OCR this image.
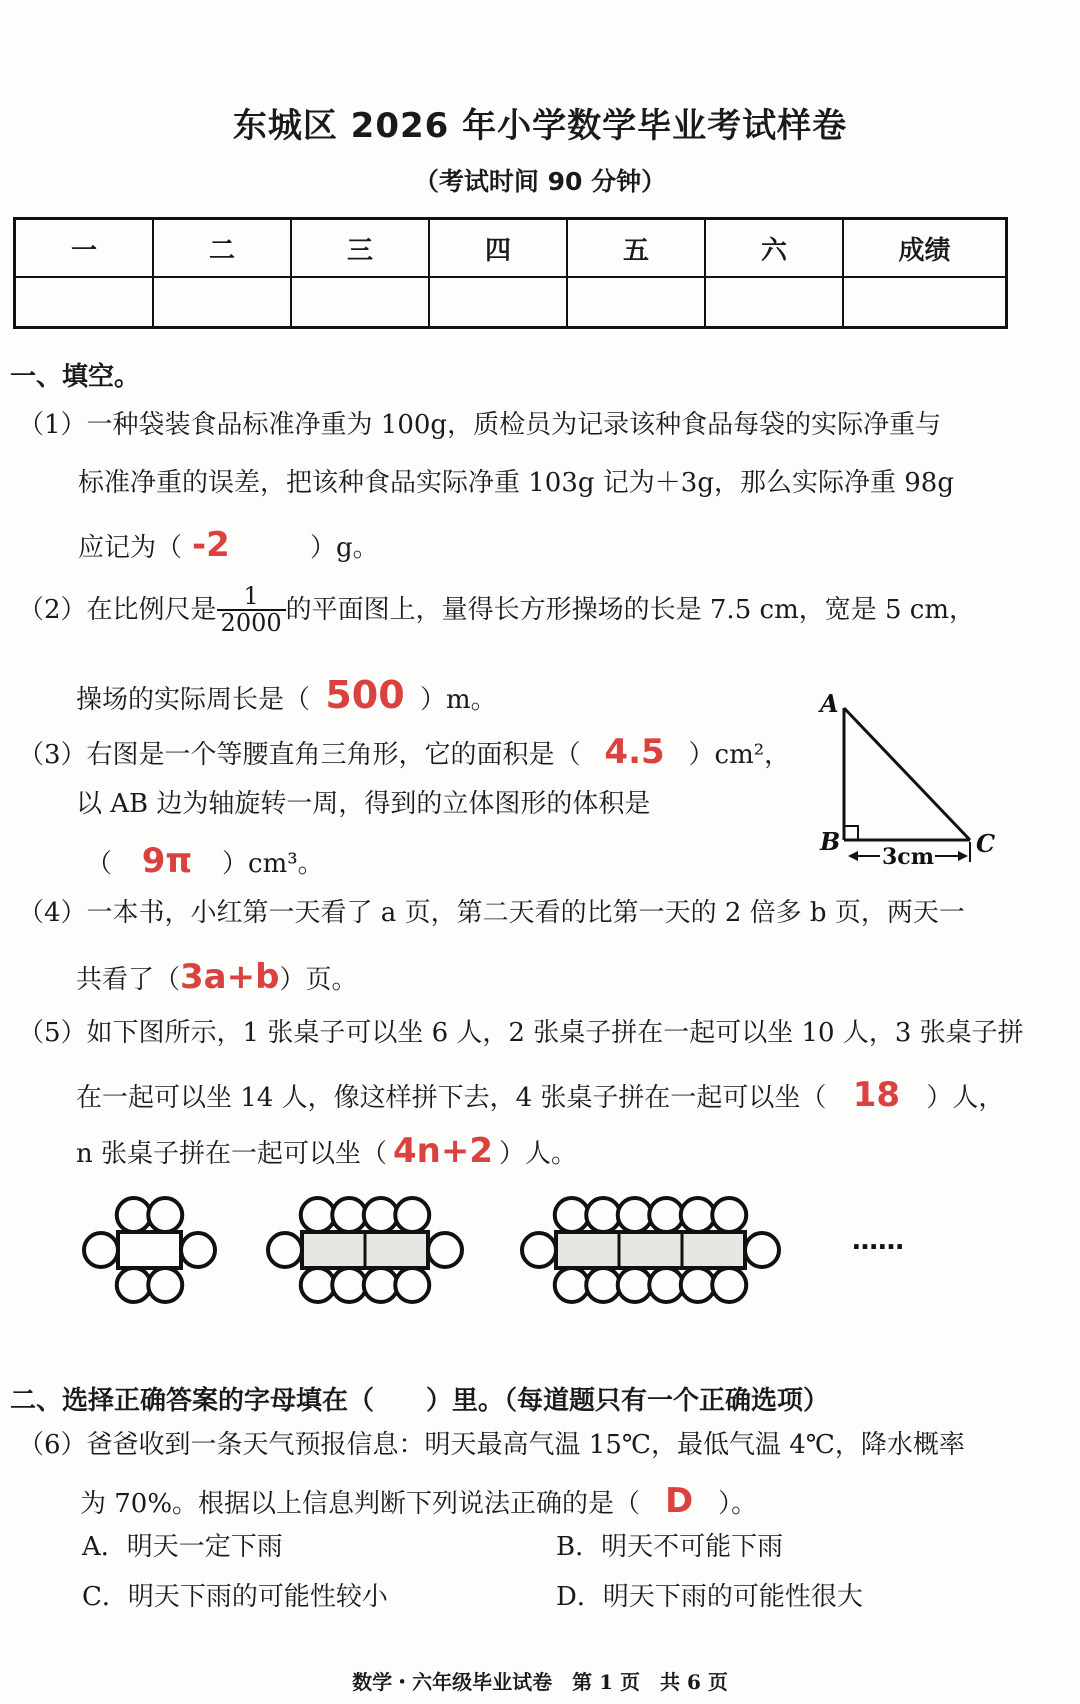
东城区 2026 年小学数学毕业考试样卷
（考试时间 90 分钟）
一	二	三	四	五	六	成绩

一、填空。
（1）一种袋装食品标准净重为 100g，质检员为记录该种食品每袋的实际净重与
标准净重的误差，把该种食品实际净重 103g 记为＋3g，那么实际净重 98g
应记为（ -2	）g。
（2）在比例尺是 $\frac{1}{2000}$ 的平面图上，量得长方形操场的长是 7.5 cm，宽是 5 cm，
操场的实际周长是（ 500 ）m。
（3）右图是一个等腰直角三角形，它的面积是（ 4.5 ）cm²，
以 AB 边为轴旋转一周，得到的立体图形的体积是
（ 9π ）cm³。
A
B	C
3cm
（4）一本书，小红第一天看了 a 页，第二天看的比第一天的 2 倍多 b 页，两天一
共看了（3a+b）页。
（5）如下图所示，1 张桌子可以坐 6 人，2 张桌子拼在一起可以坐 10 人，3 张桌子拼
在一起可以坐 14 人，像这样拼下去，4 张桌子拼在一起可以坐（ 18 ）人，
n 张桌子拼在一起可以坐（ 4n+2 ）人。
……
二、选择正确答案的字母填在（　　）里。（每道题只有一个正确选项）
（6）爸爸收到一条天气预报信息：明天最高气温 15℃，最低气温 4℃，降水概率
为 70%。根据以上信息判断下列说法正确的是（ D ）。
A．明天一定下雨	B．明天不可能下雨
C．明天下雨的可能性较小	D．明天下雨的可能性很大
数学・六年级毕业试卷　第 1 页　共 6 页
